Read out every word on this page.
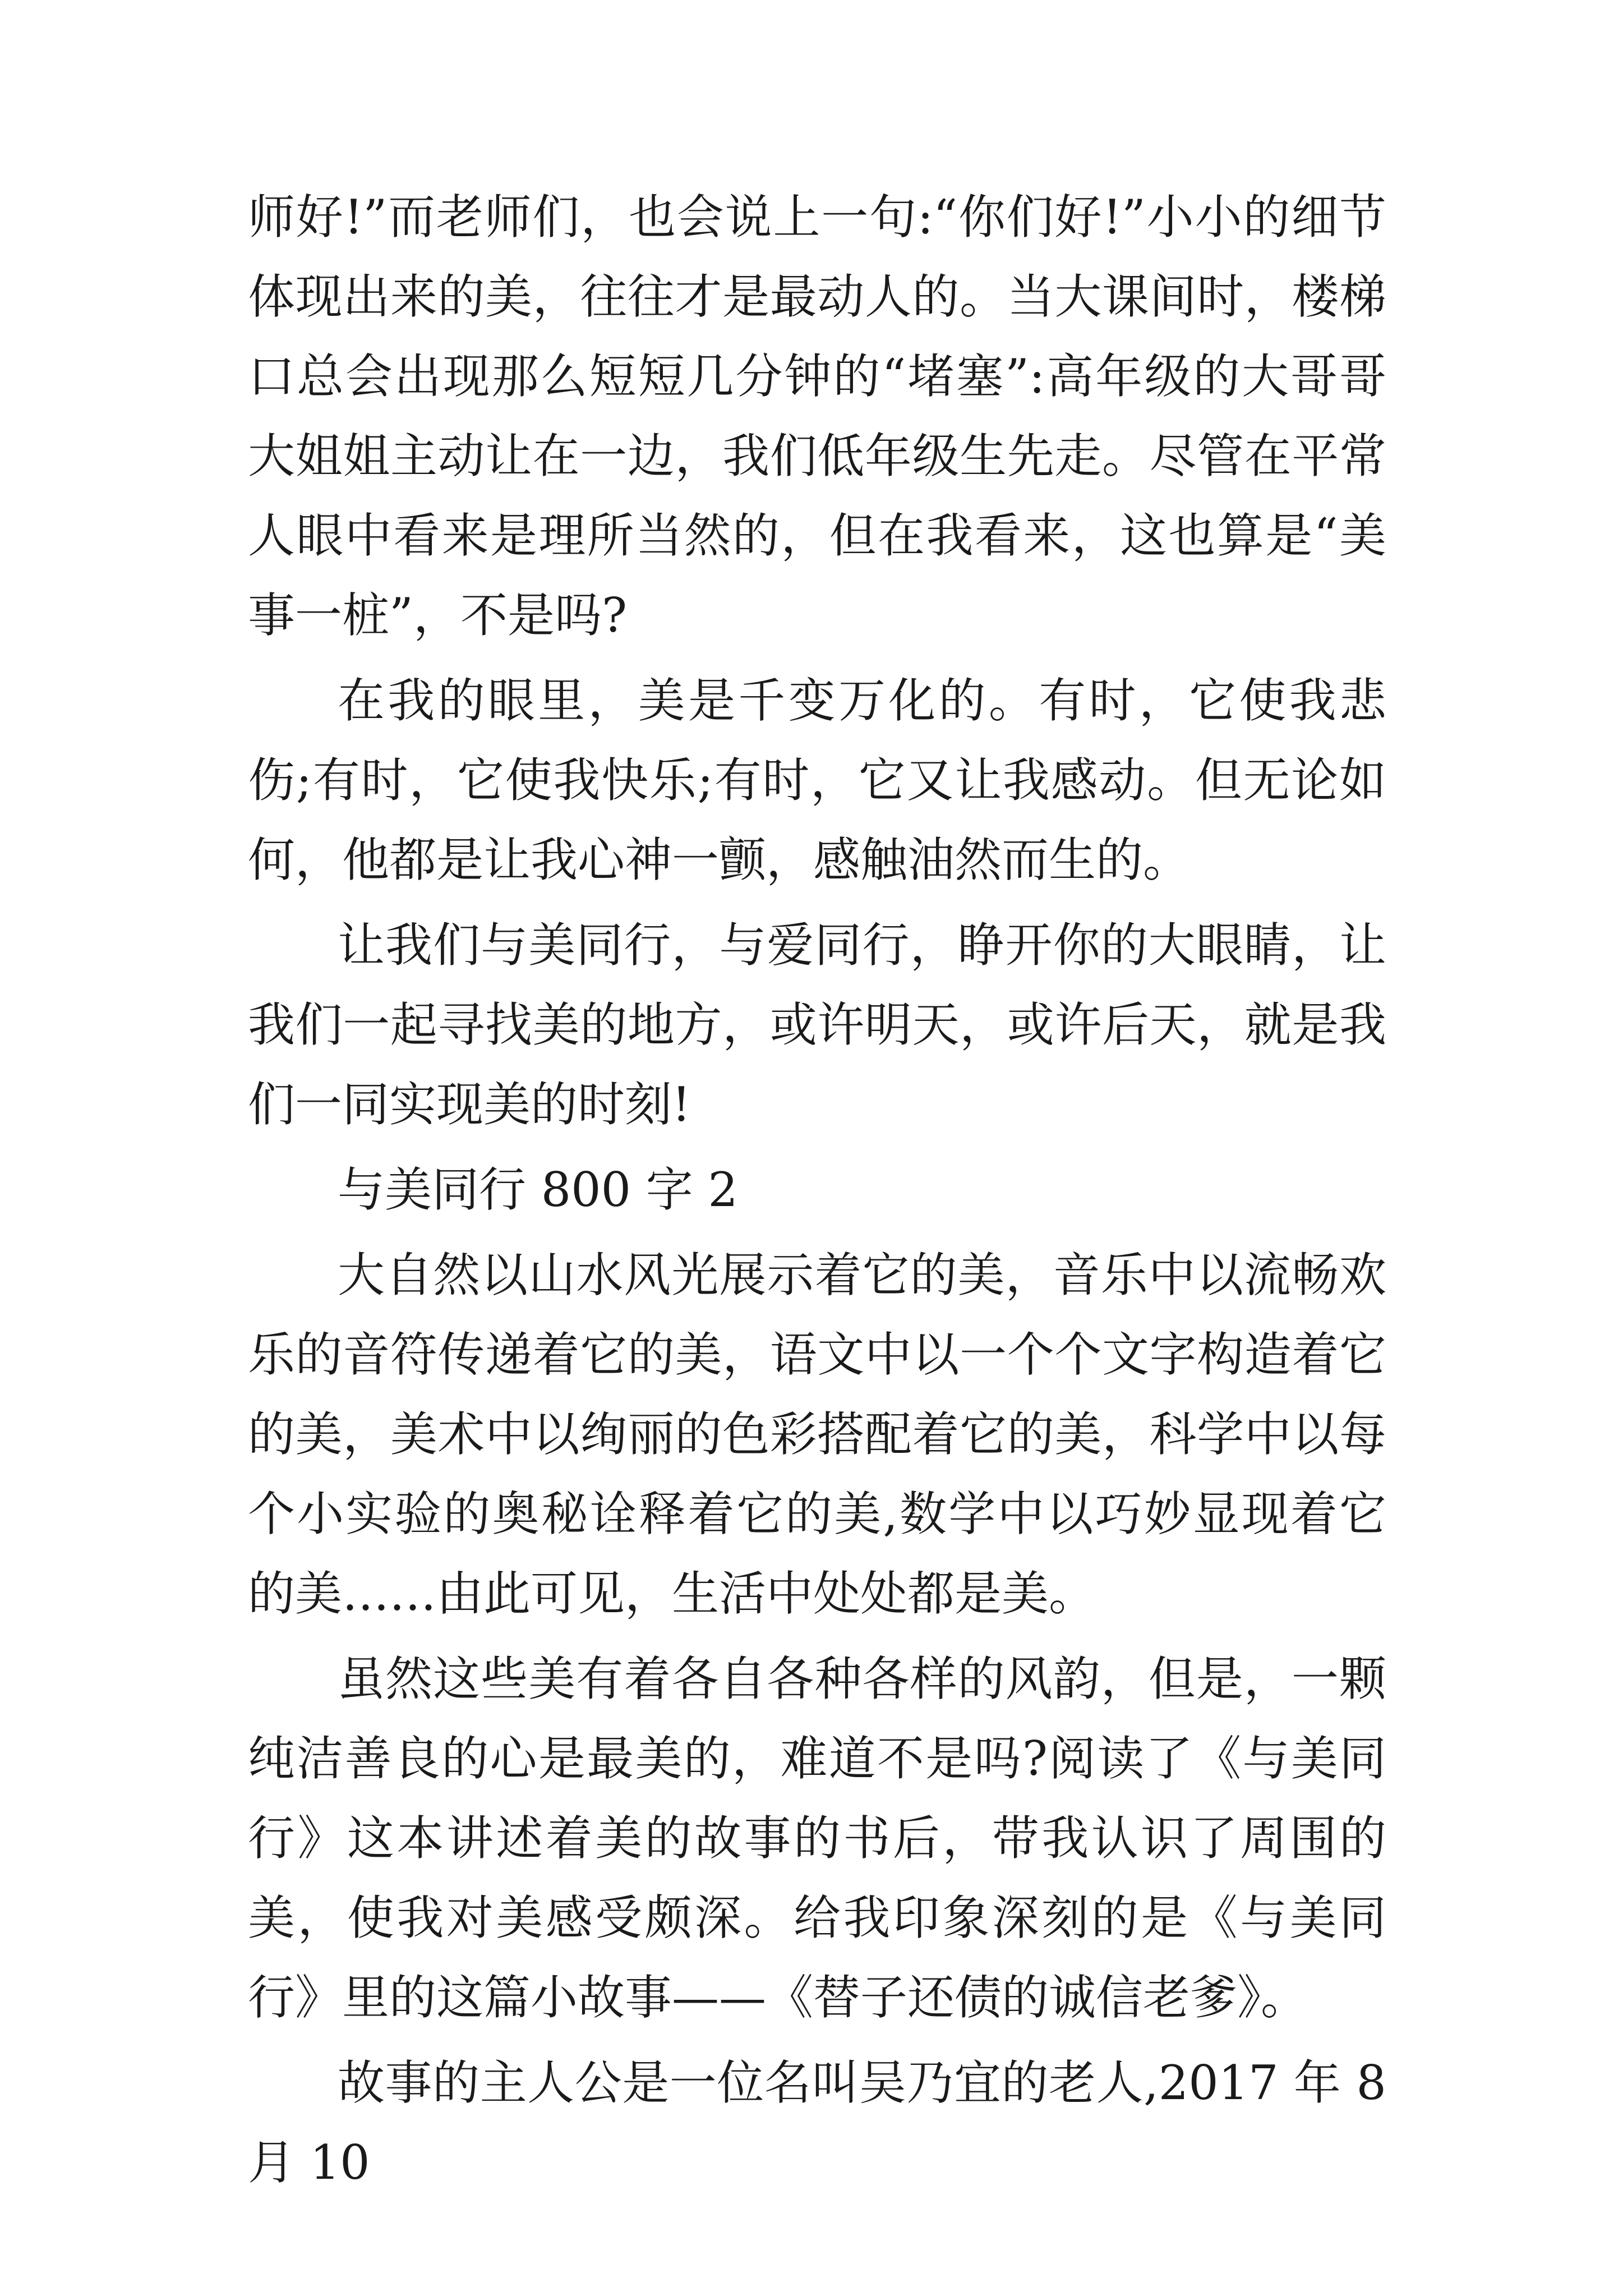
师好!”而老师们，也会说上一句:“你们好!”小小的细节体现出来的美，往往才是最动人的。当大课间时，楼梯口总会出现那么短短几分钟的“堵塞”:高年级的大哥哥大姐姐主动让在一边，我们低年级生先走。尽管在平常人眼中看来是理所当然的，但在我看来，这也算是“美事一桩”，不是吗?

在我的眼里，美是千变万化的。有时，它使我悲伤;有时，它使我快乐;有时，它又让我感动。但无论如何，他都是让我心神一颤，感触油然而生的。

让我们与美同行，与爱同行，睁开你的大眼睛，让我们一起寻找美的地方，或许明天，或许后天，就是我们一同实现美的时刻!

与美同行 800 字 2

大自然以山水风光展示着它的美，音乐中以流畅欢乐的音符传递着它的美，语文中以一个个文字构造着它的美，美术中以绚丽的色彩搭配着它的美，科学中以每个小实验的奥秘诠释着它的美,数学中以巧妙显现着它的美……由此可见，生活中处处都是美。

虽然这些美有着各自各种各样的风韵，但是，一颗纯洁善良的心是最美的，难道不是吗?阅读了《与美同行》这本讲述着美的故事的书后，带我认识了周围的美，使我对美感受颇深。给我印象深刻的是《与美同行》里的这篇小故事——《替子还债的诚信老爹》。

故事的主人公是一位名叫吴乃宜的老人,2017 年 8 月 10
